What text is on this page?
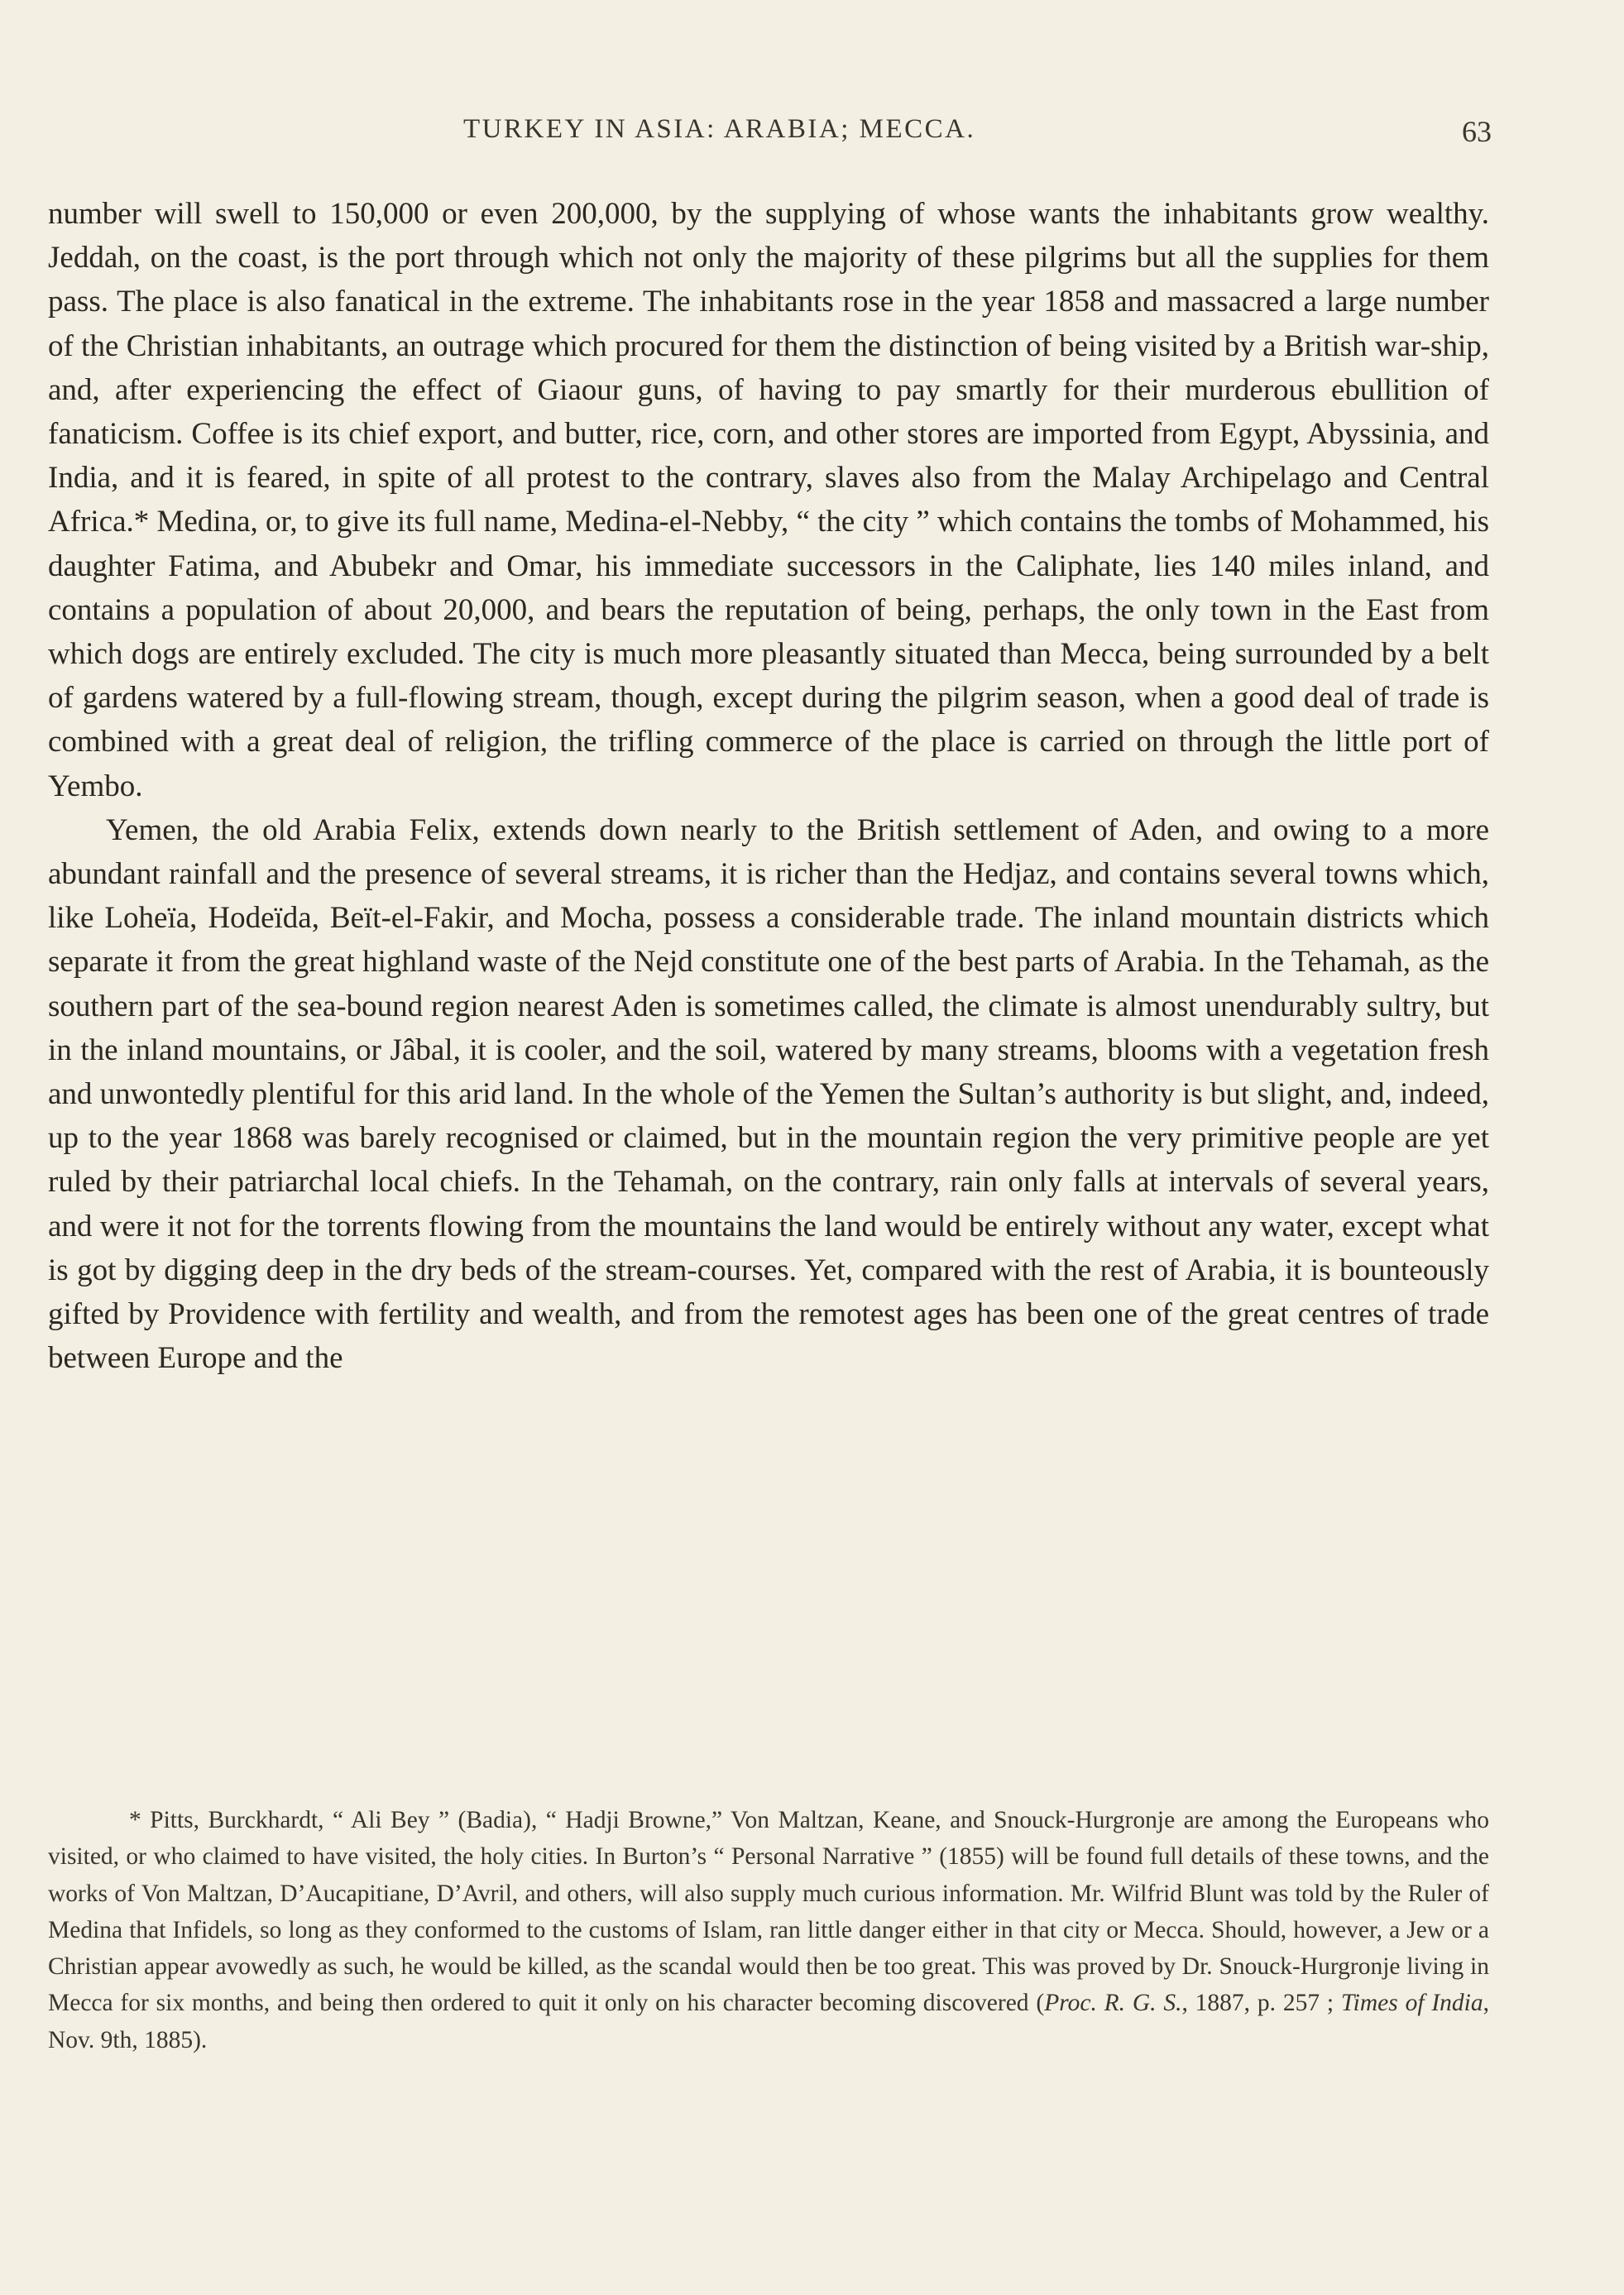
TURKEY IN ASIA: ARABIA; MECCA.	63

number will swell to 150,000 or even 200,000, by the supplying of whose wants the inhabitants grow wealthy. Jeddah, on the coast, is the port through which not only the majority of these pilgrims but all the supplies for them pass. The place is also fanatical in the extreme. The inhabitants rose in the year 1858 and massacred a large number of the Christian inhabitants, an outrage which procured for them the distinction of being visited by a British war-ship, and, after experiencing the effect of Giaour guns, of having to pay smartly for their murderous ebullition of fanaticism. Coffee is its chief export, and butter, rice, corn, and other stores are imported from Egypt, Abyssinia, and India, and it is feared, in spite of all protest to the contrary, slaves also from the Malay Archipelago and Central Africa.* Medina, or, to give its full name, Medina-el-Nebby, “ the city ” which contains the tombs of Mohammed, his daughter Fatima, and Abubekr and Omar, his immediate successors in the Caliphate, lies 140 miles inland, and contains a population of about 20,000, and bears the reputation of being, perhaps, the only town in the East from which dogs are entirely excluded. The city is much more pleasantly situated than Mecca, being surrounded by a belt of gardens watered by a full-flowing stream, though, except during the pilgrim season, when a good deal of trade is combined with a great deal of religion, the trifling commerce of the place is carried on through the little port of Yembo.

Yemen, the old Arabia Felix, extends down nearly to the British settlement of Aden, and owing to a more abundant rainfall and the presence of several streams, it is richer than the Hedjaz, and contains several towns which, like Loheïa, Hodeïda, Beït-el-Fakir, and Mocha, possess a considerable trade. The inland mountain districts which separate it from the great highland waste of the Nejd constitute one of the best parts of Arabia. In the Tehamah, as the southern part of the sea-bound region nearest Aden is sometimes called, the climate is almost unendurably sultry, but in the inland mountains, or Jâbal, it is cooler, and the soil, watered by many streams, blooms with a vegetation fresh and unwontedly plentiful for this arid land. In the whole of the Yemen the Sultan’s authority is but slight, and, indeed, up to the year 1868 was barely recognised or claimed, but in the mountain region the very primitive people are yet ruled by their patriarchal local chiefs. In the Tehamah, on the contrary, rain only falls at intervals of several years, and were it not for the torrents flowing from the mountains the land would be entirely without any water, except what is got by digging deep in the dry beds of the stream-courses. Yet, compared with the rest of Arabia, it is bounteously gifted by Providence with fertility and wealth, and from the remotest ages has been one of the great centres of trade between Europe and the

* Pitts, Burckhardt, “ Ali Bey ” (Badia), “ Hadji Browne,” Von Maltzan, Keane, and Snouck-Hurgronje are among the Europeans who visited, or who claimed to have visited, the holy cities. In Burton’s “ Personal Narrative ” (1855) will be found full details of these towns, and the works of Von Maltzan, D’Aucapitiane, D’Avril, and others, will also supply much curious information. Mr. Wilfrid Blunt was told by the Ruler of Medina that Infidels, so long as they conformed to the customs of Islam, ran little danger either in that city or Mecca. Should, however, a Jew or a Christian appear avowedly as such, he would be killed, as the scandal would then be too great. This was proved by Dr. Snouck-Hurgronje living in Mecca for six months, and being then ordered to quit it only on his character becoming discovered (Proc. R. G. S., 1887, p. 257 ; Times of India, Nov. 9th, 1885).
